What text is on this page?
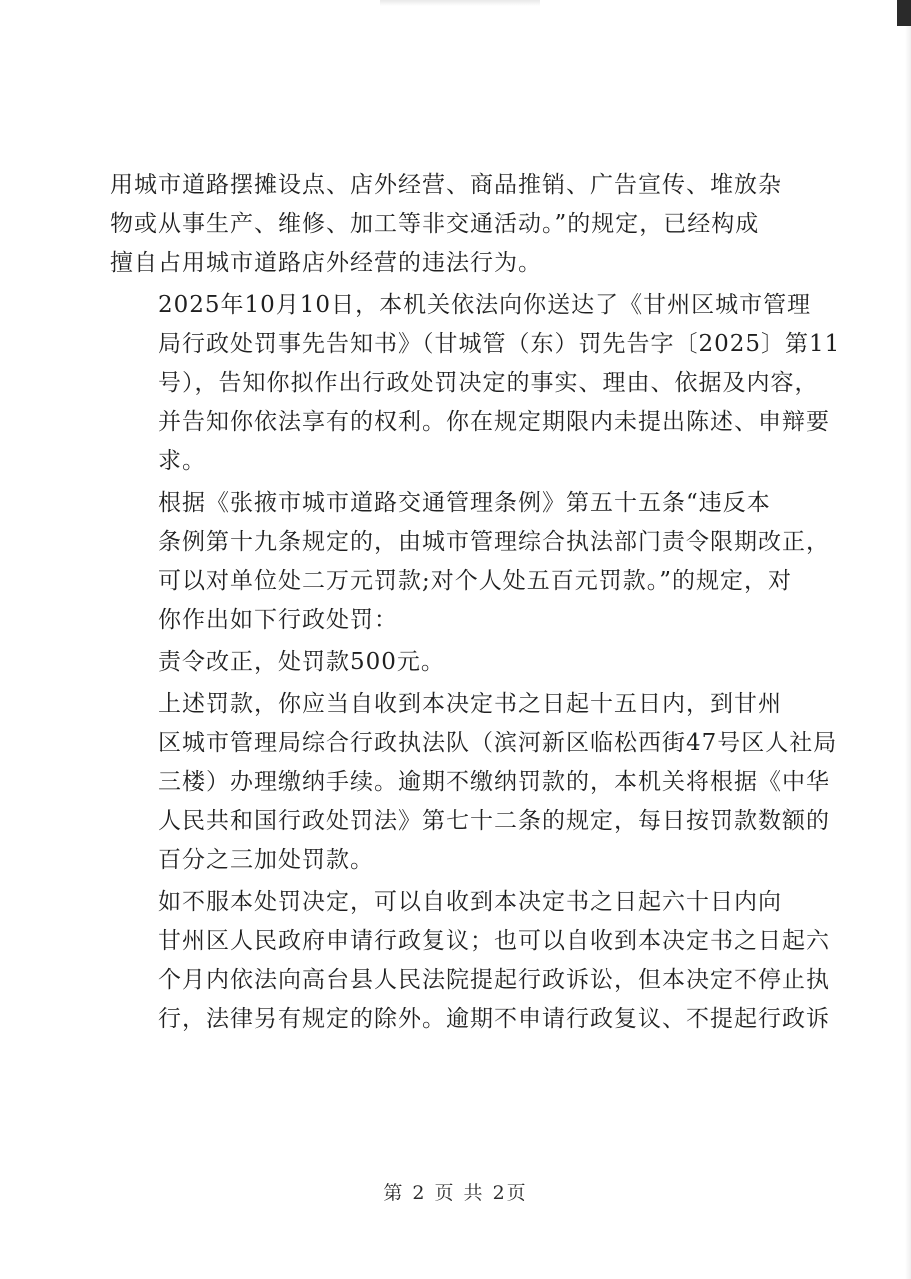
用城市道路摆摊设点、店外经营、商品推销、广告宣传、堆放杂
物或从事生产、维修、加工等非交通活动。”的规定，已经构成
擅自占用城市道路店外经营的违法行为。

2025年10月10日，本机关依法向你送达了《甘州区城市管理
局行政处罚事先告知书》（甘城管（东）罚先告字〔2025〕第11
号），告知你拟作出行政处罚决定的事实、理由、依据及内容，
并告知你依法享有的权利。你在规定期限内未提出陈述、申辩要
求。

根据《张掖市城市道路交通管理条例》第五十五条“违反本
条例第十九条规定的，由城市管理综合执法部门责令限期改正，
可以对单位处二万元罚款;对个人处五百元罚款。”的规定，对
你作出如下行政处罚：

责令改正，处罚款500元。

上述罚款，你应当自收到本决定书之日起十五日内，到甘州
区城市管理局综合行政执法队（滨河新区临松西街47号区人社局
三楼）办理缴纳手续。逾期不缴纳罚款的，本机关将根据《中华
人民共和国行政处罚法》第七十二条的规定，每日按罚款数额的
百分之三加处罚款。

如不服本处罚决定，可以自收到本决定书之日起六十日内向
甘州区人民政府申请行政复议；也可以自收到本决定书之日起六
个月内依法向高台县人民法院提起行政诉讼，但本决定不停止执
行，法律另有规定的除外。逾期不申请行政复议、不提起行政诉

第 2 页 共 2页
